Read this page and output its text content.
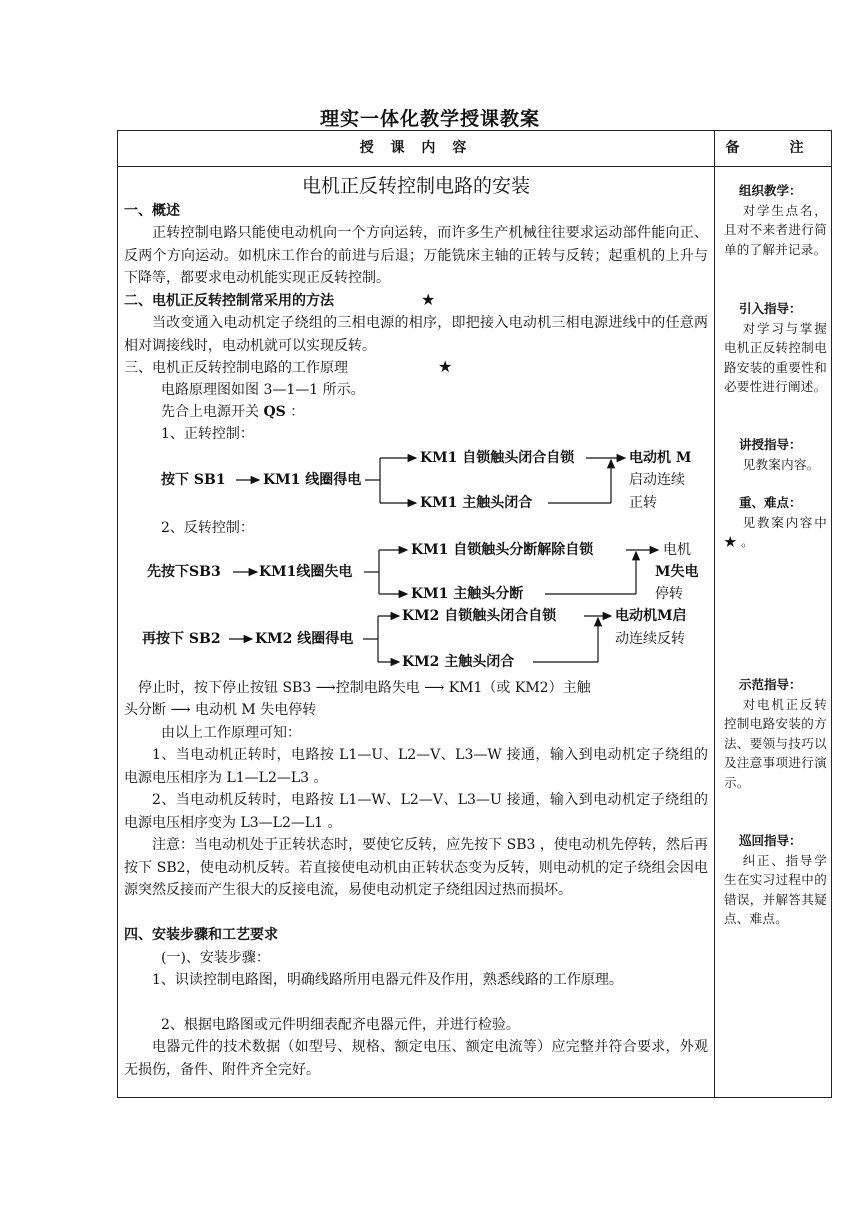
理实一体化教学授课教案
授 课 内 容	备　注
电机正反转控制电路的安装
一、概述
正转控制电路只能使电动机向一个方向运转，而许多生产机械往往要求运动部件能向正、反两个方向运动。如机床工作台的前进与后退；万能铣床主轴的正转与反转；起重机的上升与下降等，都要求电动机能实现正反转控制。
二、电机正反转控制常采用的方法	★
当改变通入电动机定子绕组的三相电源的相序，即把接入电动机三相电源进线中的任意两相对调接线时，电动机就可以实现反转。
三、电机正反转控制电路的工作原理	★
电路原理图如图 3—1—1 所示。
先合上电源开关 QS ：
1、正转控制：
按下 SB1	KM1 线圈得电
KM1 自锁触头闭合自锁
KM1 主触头闭合
电动机 M
启动连续
正转
2、反转控制：
先按下SB3	KM1线圈失电
KM1 自锁触头分断解除自锁
KM1 主触头分断
电机
M失电
停转
再按下 SB2 KM2 线圈得电
KM2 自锁触头闭合自锁
KM2 主触头闭合
电动机M启
动连续反转
停止时，按下停止按钮 SB3 ⟶控制电路失电 ⟶ KM1（或 KM2）主触
头分断 ⟶ 电动机 M 失电停转
由以上工作原理可知：
1、当电动机正转时，电路按 L1—U、L2—V、L3—W 接通，输入到电动机定子绕组的电源电压相序为 L1—L2—L3 。
2、当电动机反转时，电路按 L1—W、L2—V、L3—U 接通，输入到电动机定子绕组的电源电压相序变为 L3—L2—L1 。
注意：当电动机处于正转状态时，要使它反转，应先按下 SB3 ，使电动机先停转，然后再按下 SB2，使电动机反转。若直接使电动机由正转状态变为反转，则电动机的定子绕组会因电源突然反接而产生很大的反接电流，易使电动机定子绕组因过热而损坏。
四、安装步骤和工艺要求
(一)、安装步骤：
1、识读控制电路图，明确线路所用电器元件及作用，熟悉线路的工作原理。
2、根据电路图或元件明细表配齐电器元件，并进行检验。
电器元件的技术数据（如型号、规格、额定电压、额定电流等）应完整并符合要求，外观无损伤，备件、附件齐全完好。
组织教学：
对学生点名，且对不来者进行简单的了解并记录。
引入指导：
对学习与掌握电机正反转控制电路安装的重要性和必要性进行阐述。
讲授指导：
见教案内容。
重、难点：
见教案内容中 ★ 。
示范指导：
对电机正反转控制电路安装的方法、要领与技巧以及注意事项进行演示。
巡回指导：
纠正、指导学生在实习过程中的错误，并解答其疑点、难点。
